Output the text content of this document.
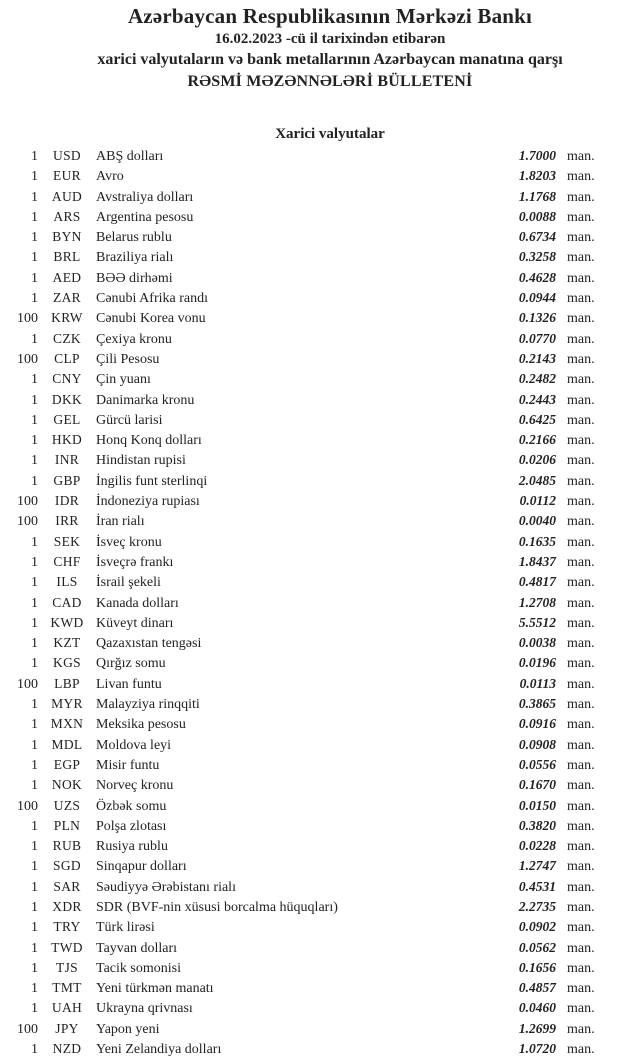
Azərbaycan Respublikasının Mərkəzi Bankı
16.02.2023 -cü il tarixindən etibarən
xarici valyutaların və bank metallarının Azərbaycan manatına qarşı
RƏSMİ MƏZƏNNƏLƏRİ BÜLLETENİ
Xarici valyutalar
1	USD	ABŞ dolları	1.7000 man.
1	EUR	Avro	1.8203 man.
1	AUD Avstraliya dolları	1.1768 man.
1	ARS	Argentina pesosu	0.0088 man.
1	BYN	Belarus rublu	0.6734 man.
1	BRL	Braziliya rialı	0.3258 man.
1	AED	BƏƏ dirhəmi	0.4628 man.
1	ZAR	Cənubi Afrika randı	0.0944 man.
100 KRW Cənubi Korea vonu	0.1326 man.
1	CZK	Çexiya kronu	0.0770 man.
100	CLP	Çili Pesosu	0.2143 man.
1	CNY	Çin yuanı	0.2482 man.
1	DKK Danimarka kronu	0.2443 man.
1	GEL	Gürcü larisi	0.6425 man.
1	HKD Honq Konq dolları	0.2166 man.
1	INR	Hindistan rupisi	0.0206 man.
1	GBP	İngilis funt sterlinqi	2.0485 man.
100	IDR	İndoneziya rupiası	0.0112 man.
100	IRR	İran rialı	0.0040 man.
1	SEK	İsveç kronu	0.1635 man.
1	CHF	İsveçrə frankı	1.8437 man.
1	ILS	İsrail şekeli	0.4817 man.
1	CAD	Kanada dolları	1.2708 man.
1 KWD Küveyt dinarı	5.5512 man.
1	KZT	Qazaxıstan tengəsi	0.0038 man.
1	KGS	Qırğız somu	0.0196 man.
100	LBP	Livan funtu	0.0113 man.
1 MYR Malayziya rinqqiti	0.3865 man.
1 MXN Meksika pesosu	0.0916 man.
1	MDL Moldova leyi	0.0908 man.
1	EGP	Misir funtu	0.0556 man.
1	NOK Norveç kronu	0.1670 man.
100	UZS	Özbək somu	0.0150 man.
1	PLN	Polşa zlotası	0.3820 man.
1	RUB	Rusiya rublu	0.0228 man.
1	SGD	Sinqapur dolları	1.2747 man.
1	SAR	Səudiyyə Ərəbistanı rialı	0.4531 man.
1	XDR	SDR (BVF-nin xüsusi borcalma hüquqları)	2.2735 man.
1	TRY	Türk lirəsi	0.0902 man.
1 TWD Tayvan dolları	0.0562 man.
1	TJS	Tacik somonisi	0.1656 man.
1	TMT	Yeni türkmən manatı	0.4857 man.
1	UAH Ukrayna qrivnası	0.0460 man.
100	JPY	Yapon yeni	1.2699 man.
1	NZD	Yeni Zelandiya dolları	1.0720 man.
